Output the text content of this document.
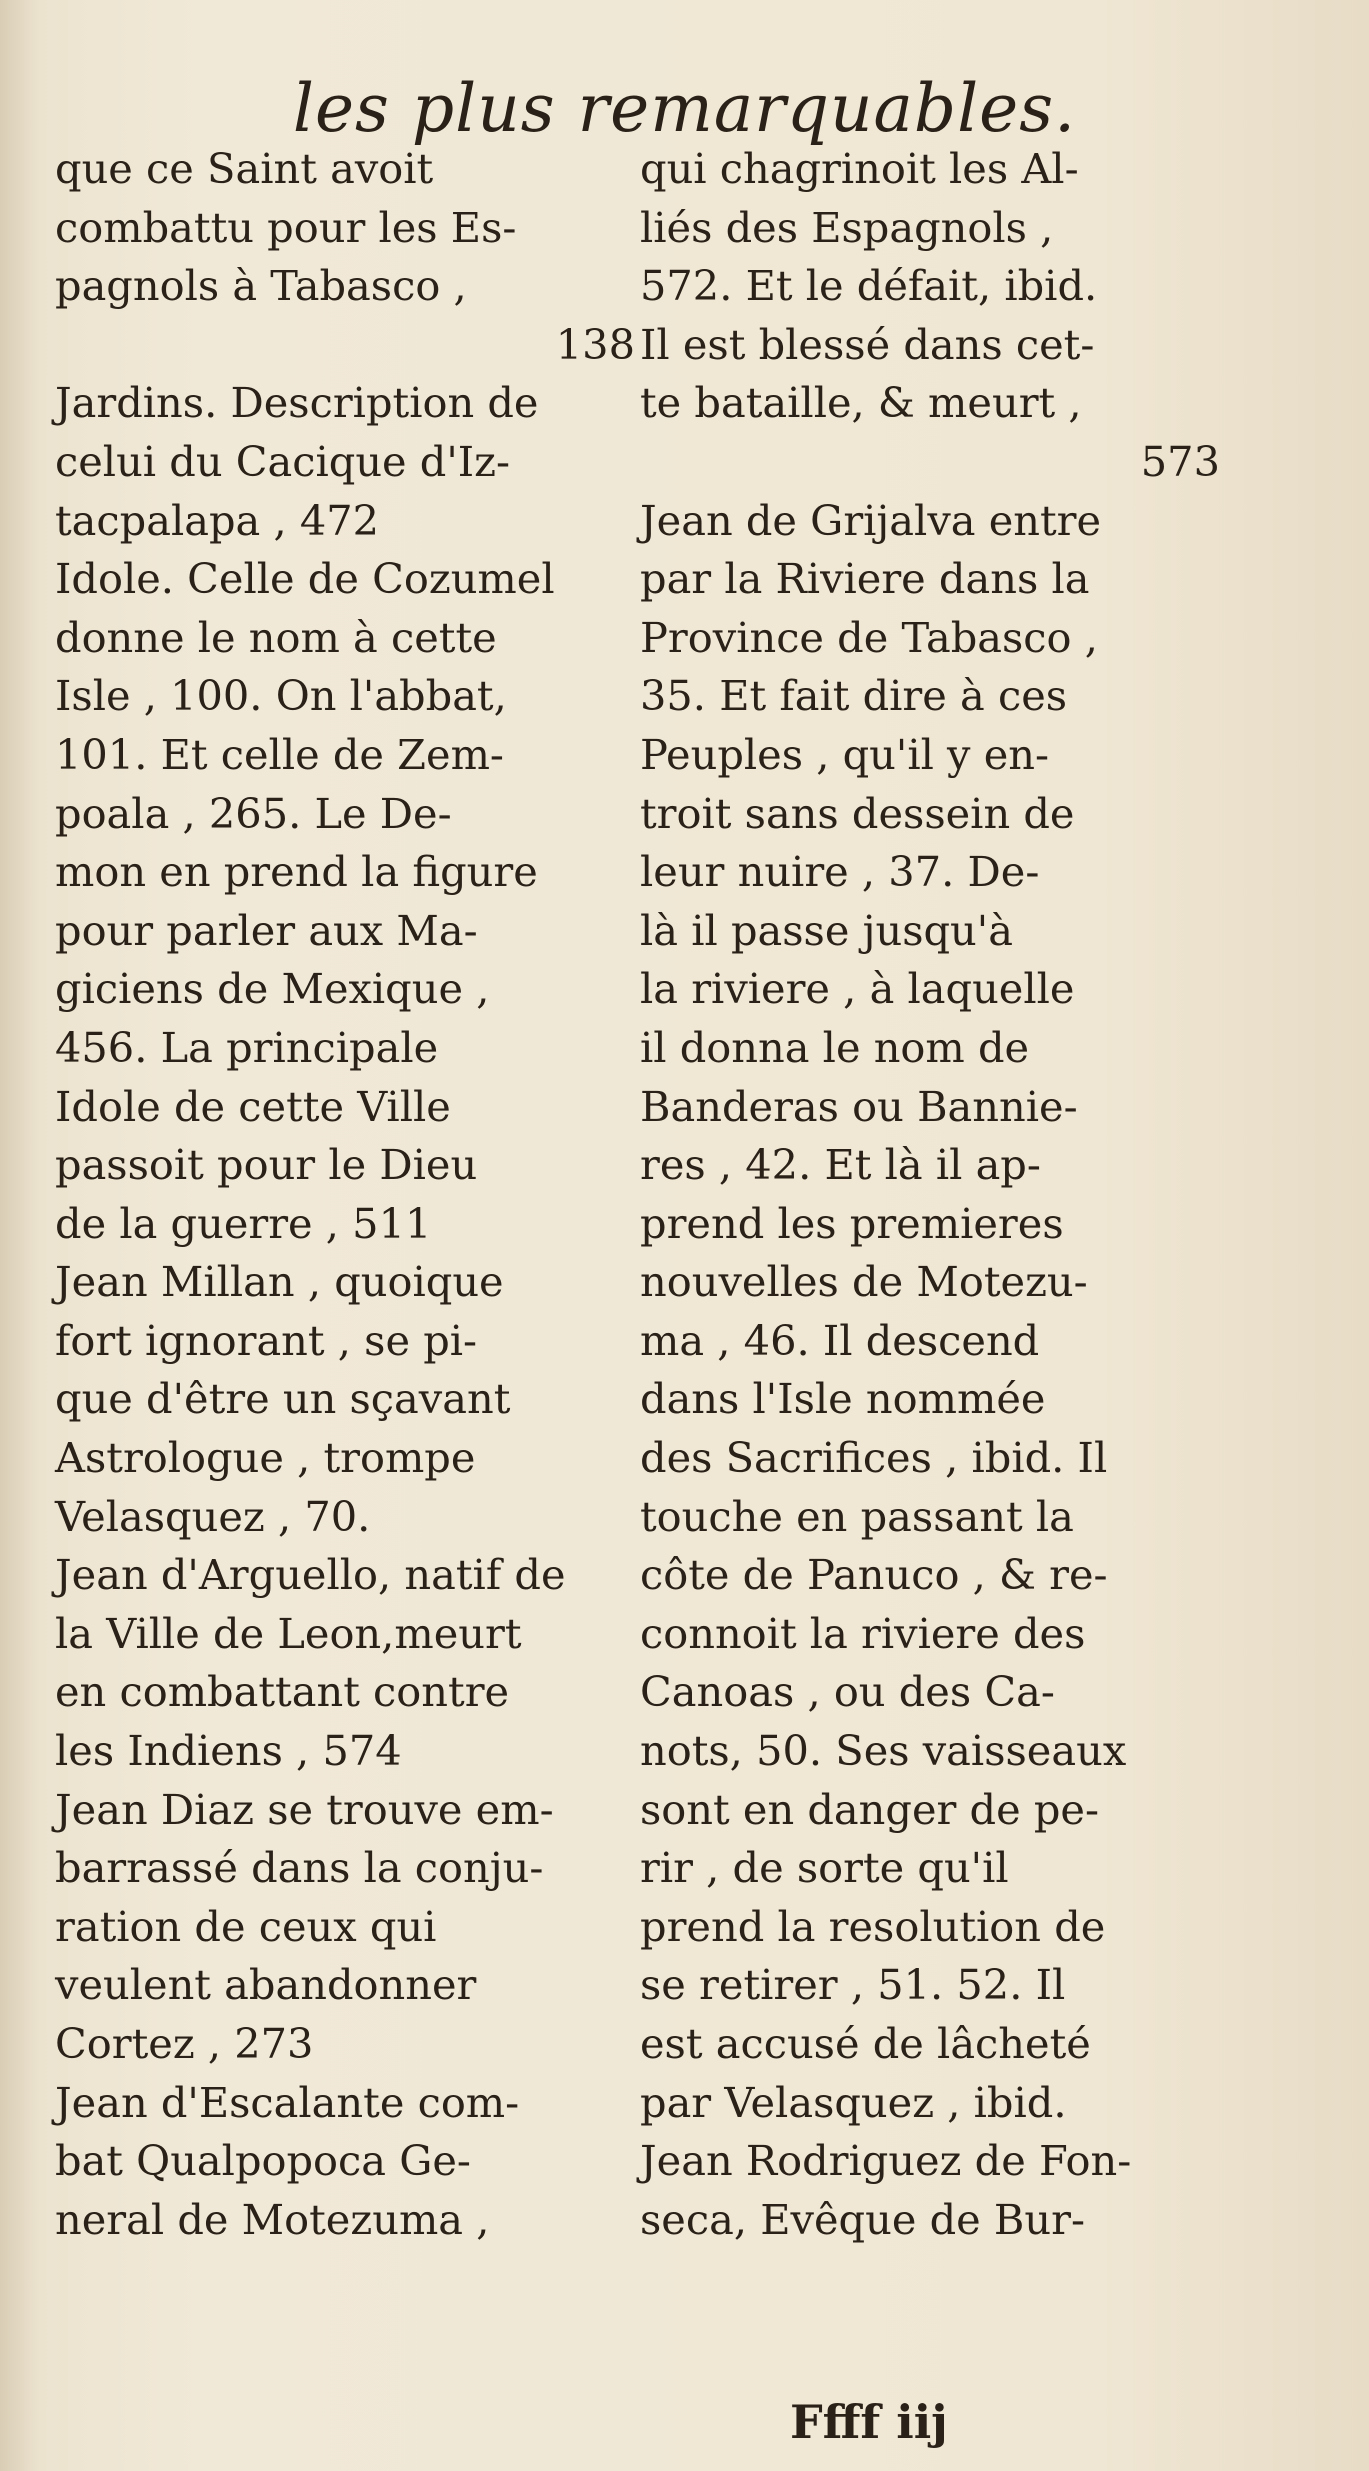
les plus remarquables.

que ce Saint avoit
combattu pour les Es-
pagnols à Tabasco ,
138

Jardins. Description de
celui du Cacique d'Iz-
tacpalapa , 472

Idole. Celle de Cozumel
donne le nom à cette
Isle , 100. On l'abbat,
101. Et celle de Zem-
poala , 265. Le De-
mon en prend la figure
pour parler aux Ma-
giciens de Mexique ,
456. La principale
Idole de cette Ville
passoit pour le Dieu
de la guerre , 511

Jean Millan , quoique
fort ignorant , se pi-
que d'être un sçavant
Astrologue , trompe
Velasquez , 70.

Jean d'Arguello, natif de
la Ville de Leon,meurt
en combattant contre
les Indiens , 574

Jean Diaz se trouve em-
barrassé dans la conju-
ration de ceux qui
veulent abandonner
Cortez , 273

Jean d'Escalante com-
bat Qualpopoca Ge-
neral de Motezuma ,

qui chagrinoit les Al-
liés des Espagnols ,
572. Et le défait, ibid.
Il est blessé dans cet-
te bataille, & meurt ,
573

Jean de Grijalva entre
par la Riviere dans la
Province de Tabasco ,
35. Et fait dire à ces
Peuples , qu'il y en-
troit sans dessein de
leur nuire , 37. De-
là il passe jusqu'à
la riviere , à laquelle
il donna le nom de
Banderas ou Bannie-
res , 42. Et là il ap-
prend les premieres
nouvelles de Motezu-
ma , 46. Il descend
dans l'Isle nommée
des Sacrifices , ibid. Il
touche en passant la
côte de Panuco , & re-
connoit la riviere des
Canoas , ou des Ca-
nots, 50. Ses vaisseaux
sont en danger de pe-
rir , de sorte qu'il
prend la resolution de
se retirer , 51. 52. Il
est accusé de lâcheté
par Velasquez , ibid.

Jean Rodriguez de Fon-
seca, Evêque de Bur-

Ffff iij
